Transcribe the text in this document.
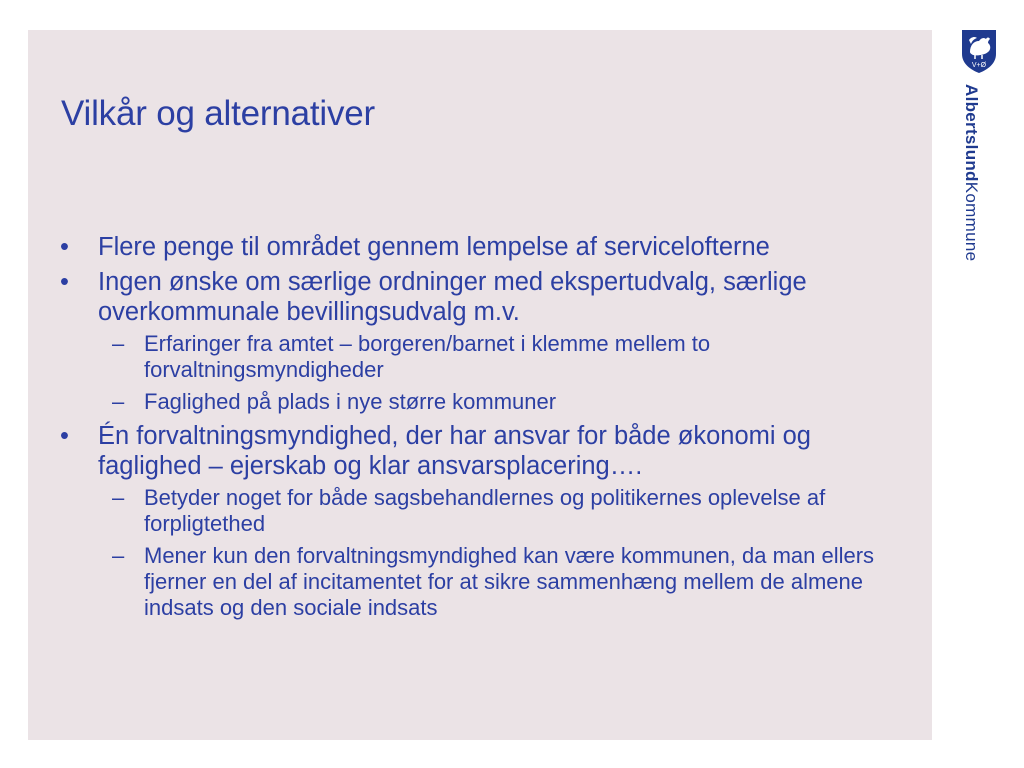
Vilkår og alternativer
• Flere penge til området gennem lempelse af servicelofterne
• Ingen ønske om særlige ordninger med ekspertudvalg, særlige overkommunale bevillingsudvalg m.v.
– Erfaringer fra amtet – borgeren/barnet i klemme mellem to forvaltningsmyndigheder
– Faglighed på plads i nye større kommuner
• Én forvaltningsmyndighed, der har ansvar for både økonomi og faglighed – ejerskab og klar ansvarsplacering….
– Betyder noget for både sagsbehandlernes og politikernes oplevelse af forpligtethed
– Mener kun den forvaltningsmyndighed kan være kommunen, da man ellers fjerner en del af incitamentet for at sikre sammenhæng mellem de almene indsats og den sociale indsats
V+Ø
AlbertslundKommune
